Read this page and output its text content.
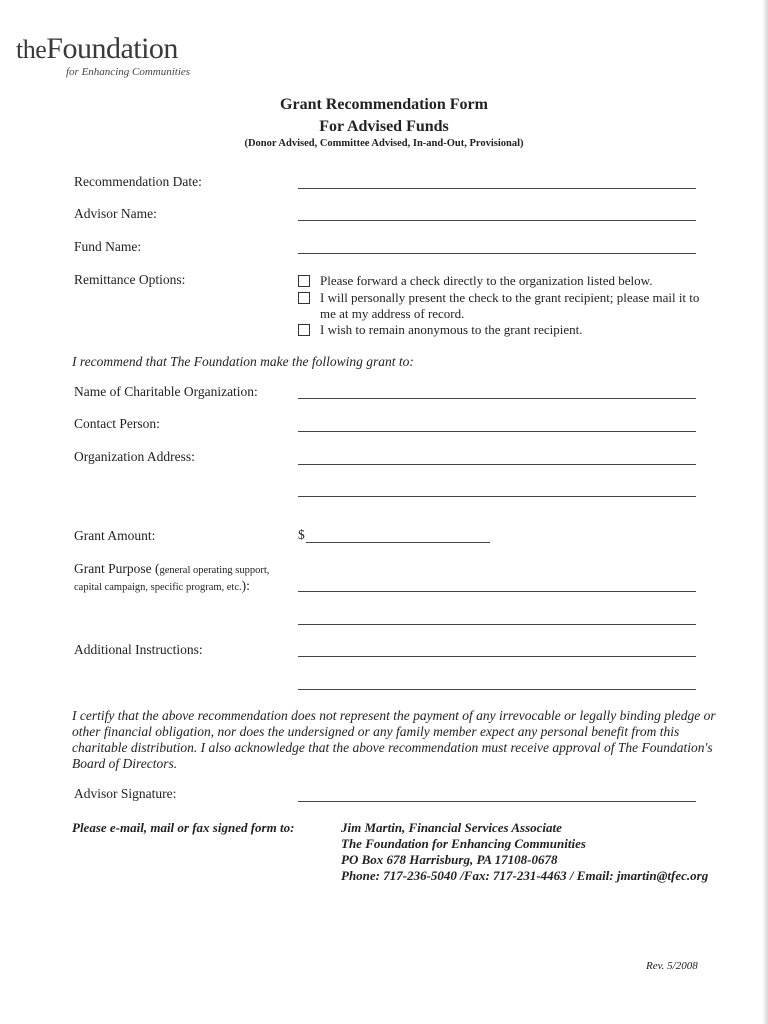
theFoundation
for Enhancing Communities
Grant Recommendation Form
For Advised Funds
(Donor Advised, Committee Advised, In-and-Out, Provisional)
Recommendation Date:
Advisor Name:
Fund Name:
Remittance Options:	Please forward a check directly to the organization listed below.
I will personally present the check to the grant recipient; please mail it to me at my address of record.
I wish to remain anonymous to the grant recipient.
I recommend that The Foundation make the following grant to:
Name of Charitable Organization:
Contact Person:
Organization Address:
Grant Amount:	$
Grant Purpose (general operating support,
capital campaign, specific program, etc.):
Additional Instructions:
I certify that the above recommendation does not represent the payment of any irrevocable or legally binding pledge or other financial obligation, nor does the undersigned or any family member expect any personal benefit from this charitable distribution. I also acknowledge that the above recommendation must receive approval of The Foundation's Board of Directors.
Advisor Signature:
Please e-mail, mail or fax signed form to:	Jim Martin, Financial Services Associate
The Foundation for Enhancing Communities
PO Box 678 Harrisburg, PA 17108-0678
Phone: 717-236-5040 /Fax: 717-231-4463 / Email: jmartin@tfec.org
Rev. 5/2008
